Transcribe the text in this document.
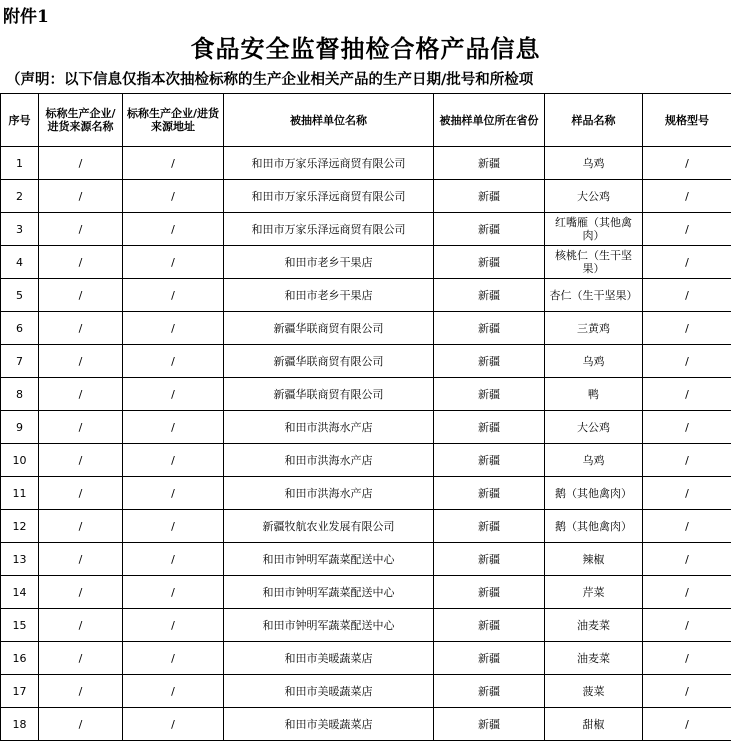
附件1
食品安全监督抽检合格产品信息
（声明：以下信息仅指本次抽检标称的生产企业相关产品的生产日期/批号和所检项
序号	标称生产企业/进货来源名称	标称生产企业/进货来源地址	被抽样单位名称	被抽样单位所在省份	样品名称	规格型号
1	/	/	和田市万家乐泽远商贸有限公司	新疆	乌鸡	/
2	/	/	和田市万家乐泽远商贸有限公司	新疆	大公鸡	/
3	/	/	和田市万家乐泽远商贸有限公司	新疆	红嘴雁（其他禽肉）	/
4	/	/	和田市老乡干果店	新疆	核桃仁（生干坚果）	/
5	/	/	和田市老乡干果店	新疆	杏仁（生干坚果）	/
6	/	/	新疆华联商贸有限公司	新疆	三黄鸡	/
7	/	/	新疆华联商贸有限公司	新疆	乌鸡	/
8	/	/	新疆华联商贸有限公司	新疆	鸭	/
9	/	/	和田市洪海水产店	新疆	大公鸡	/
10	/	/	和田市洪海水产店	新疆	乌鸡	/
11	/	/	和田市洪海水产店	新疆	鹅（其他禽肉）	/
12	/	/	新疆牧航农业发展有限公司	新疆	鹅（其他禽肉）	/
13	/	/	和田市钟明军蔬菜配送中心	新疆	辣椒	/
14	/	/	和田市钟明军蔬菜配送中心	新疆	芹菜	/
15	/	/	和田市钟明军蔬菜配送中心	新疆	油麦菜	/
16	/	/	和田市美暖蔬菜店	新疆	油麦菜	/
17	/	/	和田市美暖蔬菜店	新疆	菠菜	/
18	/	/	和田市美暖蔬菜店	新疆	甜椒	/
